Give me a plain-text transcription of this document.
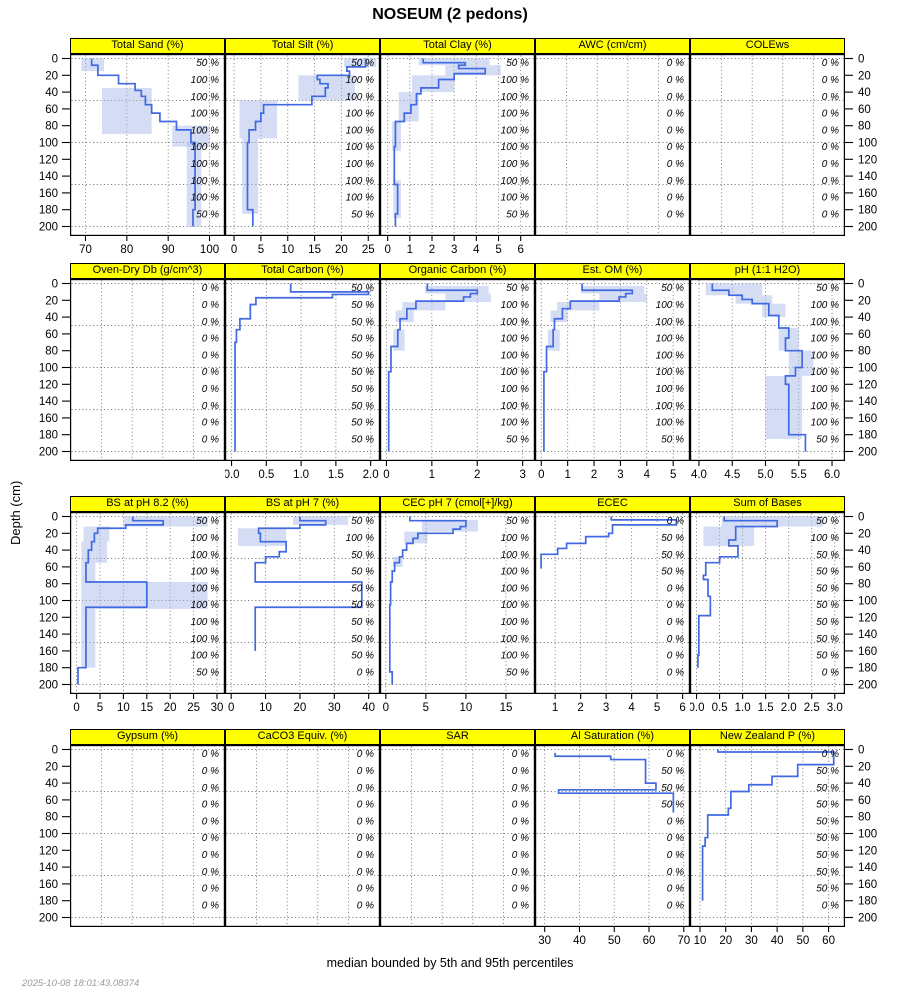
NOSEUM (2 pedons)
Depth (cm)
median bounded by 5th and 95th percentiles
2025-10-08 18:01:43.08374
0
20
40
60
80
100
120
140
160
180
200
Total Sand (%)
50 %
100 %
100 %
100 %
100 %
100 %
100 %
100 %
100 %
50 %
70 80 90 100
Total Silt (%)
50 %
100 %
100 %
100 %
100 %
100 %
100 %
100 %
100 %
50 %
0 5 10 15 20 25
Total Clay (%)
50 %
100 %
100 %
100 %
100 %
100 %
100 %
100 %
100 %
50 %
0 1 2 3 4 5 6
AWC (cm/cm)
0 %
0 %
0 %
0 %
0 %
0 %
0 %
0 %
0 %
0 %
COLEws
0 %
0 %
0 %
0 %
0 %
0 %
0 %
0 %
0 %
0 %
0
20
40
60
80
100
120
140
160
180
200
0
20
40
60
80
100
120
140
160
180
200
Oven-Dry Db (g/cm^3)
0 %
0 %
0 %
0 %
0 %
0 %
0 %
0 %
0 %
0 %
Total Carbon (%)
50 %
50 %
50 %
50 %
50 %
50 %
50 %
50 %
50 %
50 %
0.0 0.5 1.0 1.5 2.0
Organic Carbon (%)
50 %
100 %
100 %
100 %
100 %
100 %
100 %
100 %
100 %
50 %
0	1	2	3
Est. OM (%)
50 %
100 %
100 %
100 %
100 %
100 %
100 %
100 %
100 %
50 %
0 1 2 3 4 5
pH (1:1 H2O)
50 %
100 %
100 %
100 %
100 %
100 %
100 %
100 %
100 %
50 %
4.0 4.5 5.0 5.5 6.0
0
20
40
60
80
100
120
140
160
180
200
0
20
40
60
80
100
120
140
160
180
200
BS at pH 8.2 (%)
50 %
100 %
100 %
100 %
100 %
100 %
100 %
100 %
100 %
50 %
0 5 10 15 20 25 30
BS at pH 7 (%)
50 %
100 %
50 %
50 %
50 %
50 %
50 %
50 %
50 %
0 %
0 10 20 30 40
CEC pH 7 (cmol[+]/kg)
50 %
100 %
100 %
100 %
100 %
100 %
100 %
100 %
100 %
50 %
0	5	10 15
ECEC
0 %
50 %
50 %
50 %
0 %
0 %
0 %
0 %
0 %
0 %
1 2 3 4 5 6
Sum of Bases
50 %
100 %
50 %
50 %
50 %
50 %
50 %
50 %
50 %
0 %
0.0 0.5 1.0 1.5 2.0 2.5 3.0
0
20
40
60
80
100
120
140
160
180
200
0
20
40
60
80
100
120
140
160
180
200
Gypsum (%)
0 %
0 %
0 %
0 %
0 %
0 %
0 %
0 %
0 %
0 %
CaCO3 Equiv. (%)
0 %
0 %
0 %
0 %
0 %
0 %
0 %
0 %
0 %
0 %
SAR
0 %
0 %
0 %
0 %
0 %
0 %
0 %
0 %
0 %
0 %
Al Saturation (%)
0 %
50 %
50 %
50 %
0 %
0 %
0 %
0 %
0 %
0 %
30 40 50 60 70
New Zealand P (%)
0 %
50 %
50 %
50 %
50 %
50 %
50 %
50 %
50 %
0 %
10 20 30 40 50 60
0
20
40
60
80
100
120
140
160
180
200
